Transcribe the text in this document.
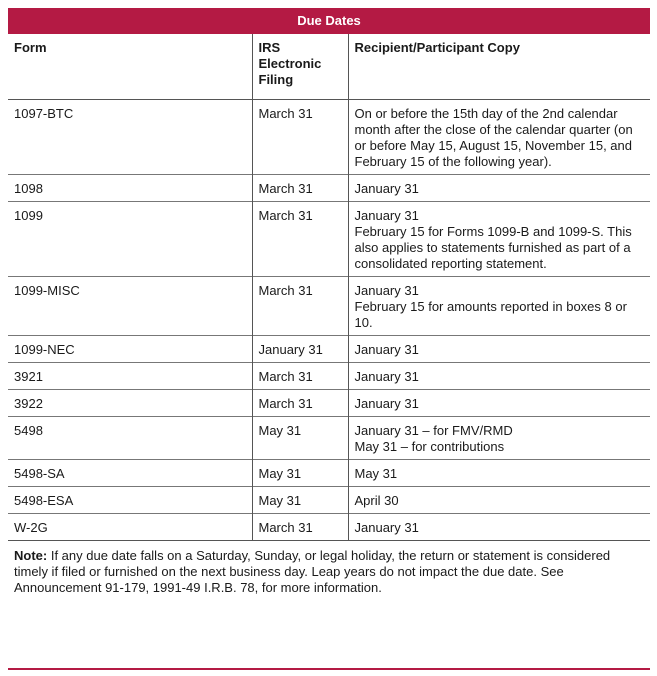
Due Dates
Form	IRS Electronic Filing	Recipient/Participant Copy
1097-BTC	March 31	On or before the 15th day of the 2nd calendar month after the close of the calendar quarter (on or before May 15, August 15, November 15, and February 15 of the following year).

1098	March 31	January 31

1099	March 31	January 31
February 15 for Forms 1099-B and 1099-S. This also applies to statements furnished as part of a consolidated reporting statement.

1099-MISC	March 31	January 31
February 15 for amounts reported in boxes 8 or 10.

1099-NEC	January 31	January 31

3921	March 31	January 31

3922	March 31	January 31

5498	May 31	January 31 – for FMV/RMD
May 31 – for contributions

5498-SA	May 31	May 31

5498-ESA	May 31	April 30

W-2G	March 31	January 31
Note: If any due date falls on a Saturday, Sunday, or legal holiday, the return or statement is considered timely if filed or furnished on the next business day. Leap years do not impact the due date. See Announcement 91-179, 1991-49 I.R.B. 78, for more information.
